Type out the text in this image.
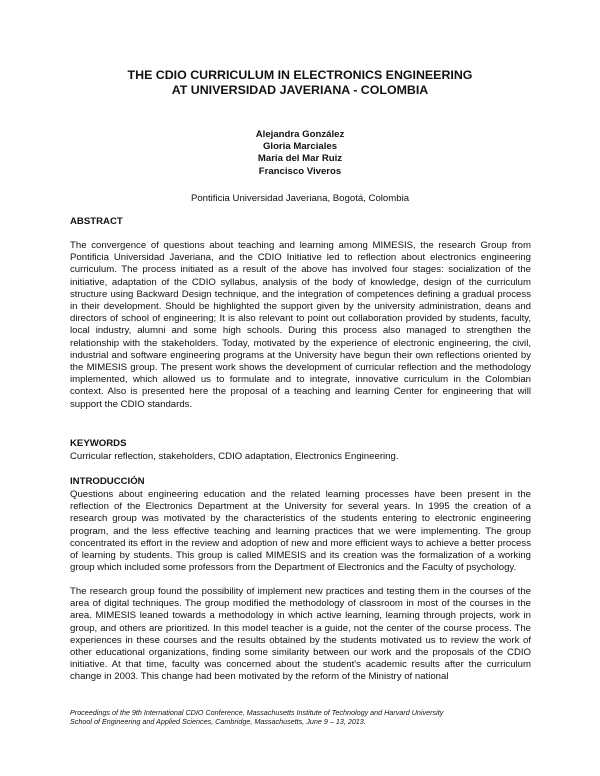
THE CDIO CURRICULUM IN ELECTRONICS ENGINEERING
AT UNIVERSIDAD JAVERIANA - COLOMBIA
Alejandra González
Gloria Marciales
Maria del Mar Ruiz
Francisco Viveros
Pontificia Universidad Javeriana, Bogotá, Colombia
ABSTRACT

The convergence of questions about teaching and learning among MIMESIS, the research Group from Pontificia Universidad Javeriana, and the CDIO Initiative led to reflection about electronics engineering curriculum. The process initiated as a result of the above has involved four stages: socialization of the initiative, adaptation of the CDIO syllabus, analysis of the body of knowledge, design of the curriculum structure using Backward Design technique, and the integration of competences defining a gradual process in their development. Should be highlighted the support given by the university administration, deans and directors of school of engineering; It is also relevant to point out collaboration provided by students, faculty, local industry, alumni and some high schools. During this process also managed to strengthen the relationship with the stakeholders. Today, motivated by the experience of electronic engineering, the civil, industrial and software engineering programs at the University have begun their own reflections oriented by the MIMESIS group. The present work shows the development of curricular reflection and the methodology implemented, which allowed us to formulate and to integrate, innovative curriculum in the Colombian context. Also is presented here the proposal of a teaching and learning Center for engineering that will support the CDIO standards.

KEYWORDS

Curricular reflection, stakeholders, CDIO adaptation, Electronics Engineering.

INTRODUCCIÓN

Questions about engineering education and the related learning processes have been present in the reflection of the Electronics Department at the University for several years. In 1995 the creation of a research group was motivated by the characteristics of the students entering to electronic engineering program, and the less effective teaching and learning practices that we were implementing. The group concentrated its effort in the review and adoption of new and more efficient ways to achieve a better process of learning by students. This group is called MIMESIS and its creation was the formalization of a working group which included some professors from the Department of Electronics and the Faculty of psychology.

The research group found the possibility of implement new practices and testing them in the courses of the area of digital techniques. The group modified the methodology of classroom in most of the courses in the area. MIMESIS leaned towards a methodology in which active learning, learning through projects, work in group, and others are prioritized. In this model teacher is a guide, not the center of the course process. The experiences in these courses and the results obtained by the students motivated us to review the work of other educational organizations, finding some similarity between our work and the proposals of the CDIO initiative. At that time, faculty was concerned about the student's academic results after the curriculum change in 2003. This change had been motivated by the reform of the Ministry of national

Proceedings of the 9th International CDIO Conference, Massachusetts Institute of Technology and Harvard University
School of Engineering and Applied Sciences, Cambridge, Massachusetts, June 9 – 13, 2013.
